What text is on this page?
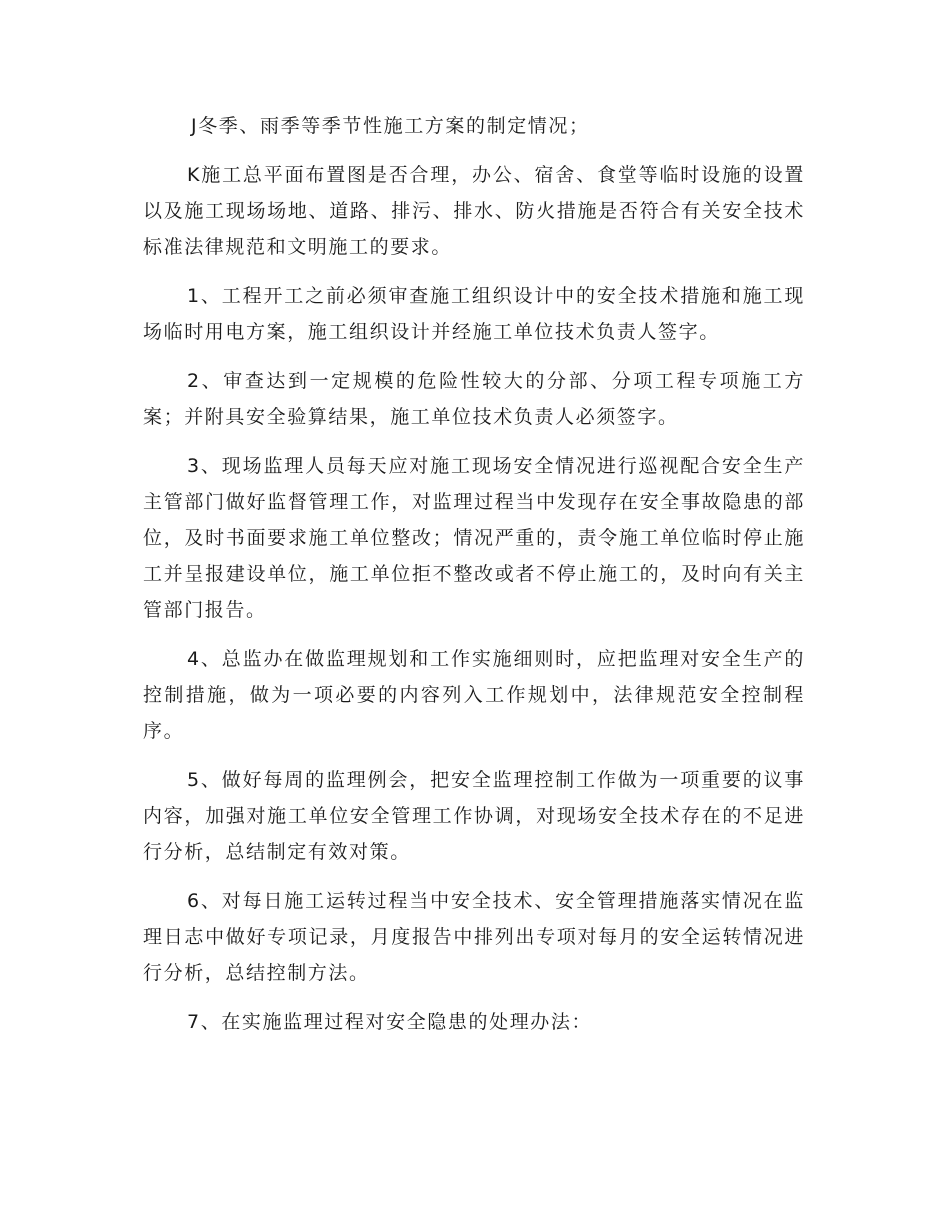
J冬季、雨季等季节性施工方案的制定情况；

K施工总平面布置图是否合理，办公、宿舍、食堂等临时设施的设置以及施工现场场地、道路、排污、排水、防火措施是否符合有关安全技术标准法律规范和文明施工的要求。

1、工程开工之前必须审查施工组织设计中的安全技术措施和施工现场临时用电方案，施工组织设计并经施工单位技术负责人签字。

2、审查达到一定规模的危险性较大的分部、分项工程专项施工方案；并附具安全验算结果，施工单位技术负责人必须签字。

3、现场监理人员每天应对施工现场安全情况进行巡视配合安全生产主管部门做好监督管理工作，对监理过程当中发现存在安全事故隐患的部位，及时书面要求施工单位整改；情况严重的，责令施工单位临时停止施工并呈报建设单位，施工单位拒不整改或者不停止施工的，及时向有关主管部门报告。

4、总监办在做监理规划和工作实施细则时，应把监理对安全生产的控制措施，做为一项必要的内容列入工作规划中，法律规范安全控制程序。

5、做好每周的监理例会，把安全监理控制工作做为一项重要的议事内容，加强对施工单位安全管理工作协调，对现场安全技术存在的不足进行分析，总结制定有效对策。

6、对每日施工运转过程当中安全技术、安全管理措施落实情况在监理日志中做好专项记录，月度报告中排列出专项对每月的安全运转情况进行分析，总结控制方法。

7、在实施监理过程对安全隐患的处理办法：
